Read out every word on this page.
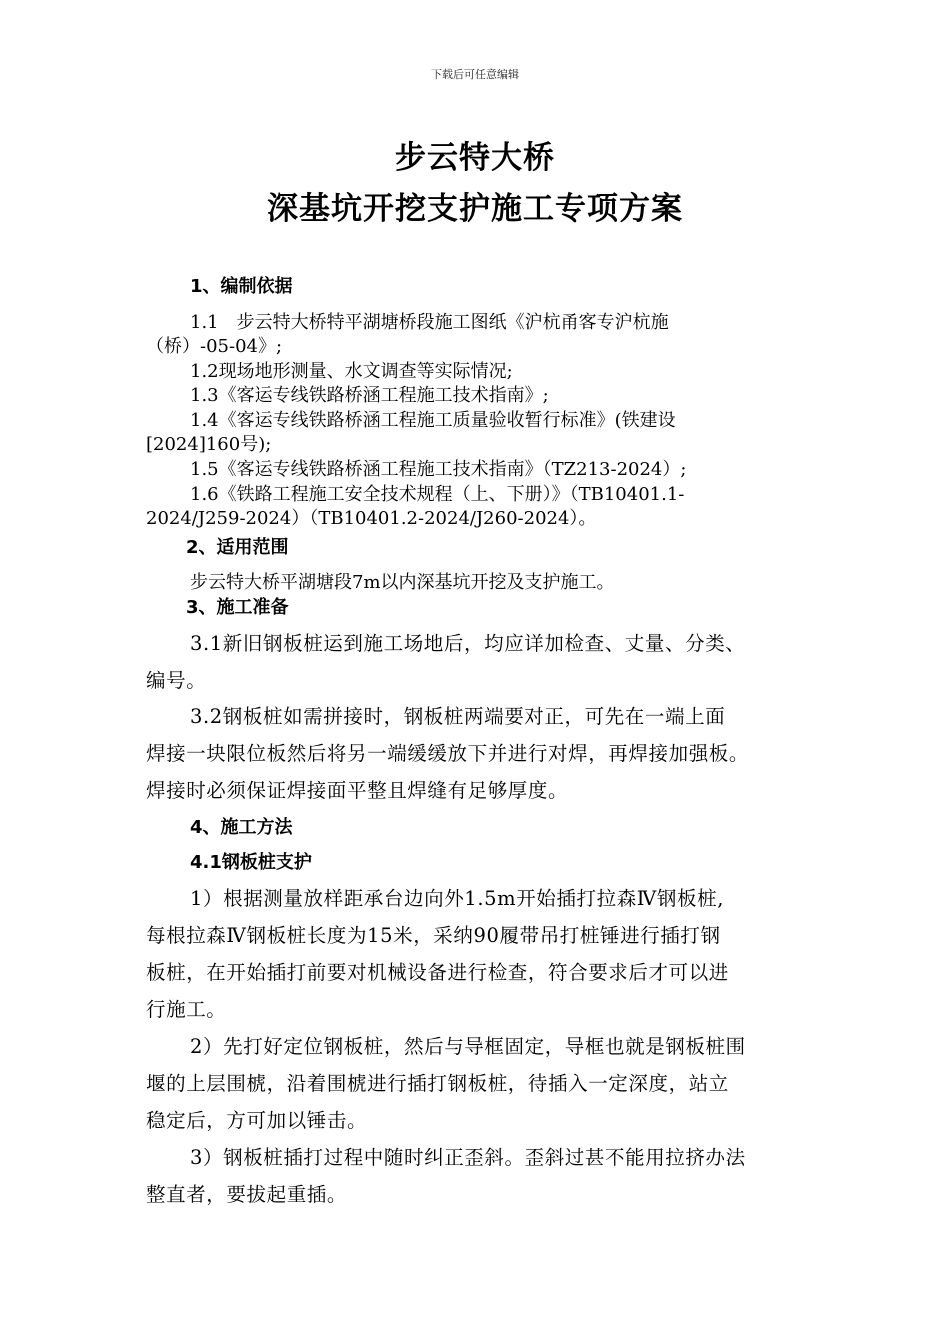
下载后可任意编辑
步云特大桥
深基坑开挖支护施工专项方案
1、编制依据
1.1　步云特大桥特平湖塘桥段施工图纸《沪杭甬客专沪杭施
（桥）-05-04》;
1.2现场地形测量、水文调查等实际情况;
1.3《客运专线铁路桥涵工程施工技术指南》;
1.4《客运专线铁路桥涵工程施工质量验收暂行标准》(铁建设
[2024]160号);
1.5《客运专线铁路桥涵工程施工技术指南》（TZ213-2024）;
1.6《铁路工程施工安全技术规程（上、下册）》（TB10401.1-
2024/J259-2024）（TB10401.2-2024/J260-2024）。
2、适用范围
步云特大桥平湖塘段7m以内深基坑开挖及支护施工。
3、施工准备
3.1新旧钢板桩运到施工场地后，均应详加检查、丈量、分类、
编号。
3.2钢板桩如需拼接时，钢板桩两端要对正，可先在一端上面
焊接一块限位板然后将另一端缓缓放下并进行对焊，再焊接加强板。
焊接时必须保证焊接面平整且焊缝有足够厚度。
4、施工方法
4.1钢板桩支护
1）根据测量放样距承台边向外1.5m开始插打拉森Ⅳ钢板桩,
每根拉森Ⅳ钢板桩长度为15米，采纳90履带吊打桩锤进行插打钢
板桩，在开始插打前要对机械设备进行检查，符合要求后才可以进
行施工。
2）先打好定位钢板桩，然后与导框固定，导框也就是钢板桩围
堰的上层围椃，沿着围椃进行插打钢板桩，待插入一定深度，站立
稳定后，方可加以锤击。
3）钢板桩插打过程中随时纠正歪斜。歪斜过甚不能用拉挤办法
整直者，要拔起重插。
